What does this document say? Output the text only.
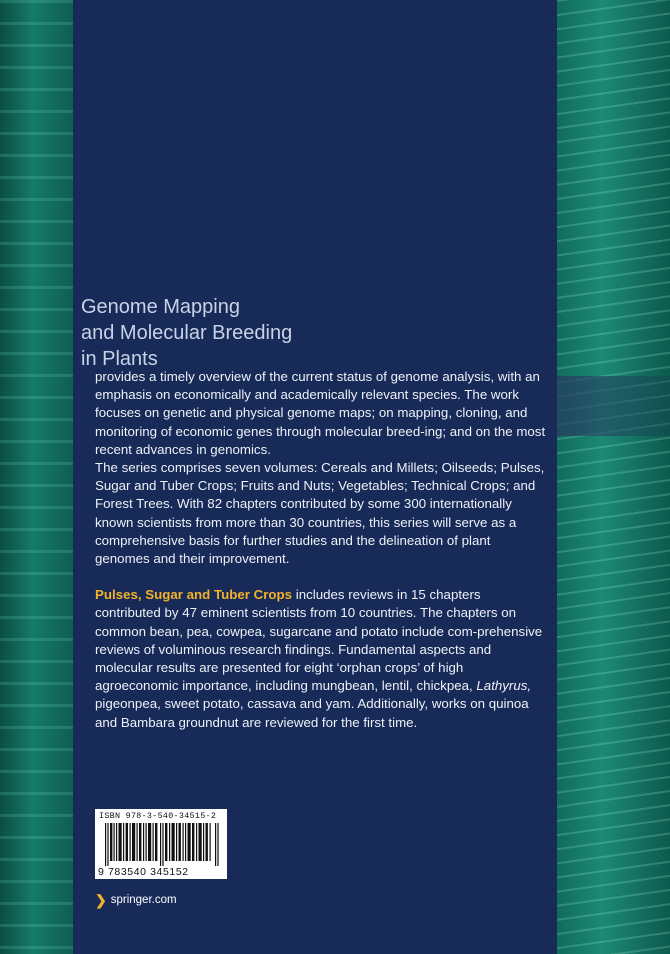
Genome Mapping
and Molecular Breeding
in Plants

provides a timely overview of the current status of genome analysis, with an emphasis on economically and academically relevant species. The work focuses on genetic and physical genome maps; on mapping, cloning, and monitoring of economic genes through molecular breed-ing; and on the most recent advances in genomics.

The series comprises seven volumes: Cereals and Millets; Oilseeds; Pulses, Sugar and Tuber Crops; Fruits and Nuts; Vegetables; Technical Crops; and Forest Trees. With 82 chapters contributed by some 300 internationally known scientists from more than 30 countries, this series will serve as a comprehensive basis for further studies and the delineation of plant genomes and their improvement.

Pulses, Sugar and Tuber Crops includes reviews in 15 chapters contributed by 47 eminent scientists from 10 countries. The chapters on common bean, pea, cowpea, sugarcane and potato include com-prehensive reviews of voluminous research findings. Fundamental aspects and molecular results are presented for eight ‘orphan crops’ of high agroeconomic importance, including mungbean, lentil, chickpea, Lathyrus, pigeonpea, sweet potato, cassava and yam. Additionally, works on quinoa and Bambara groundnut are reviewed for the first time.

ISBN 978-3-540-34515-2
9 783540 345152
❯ springer.com
